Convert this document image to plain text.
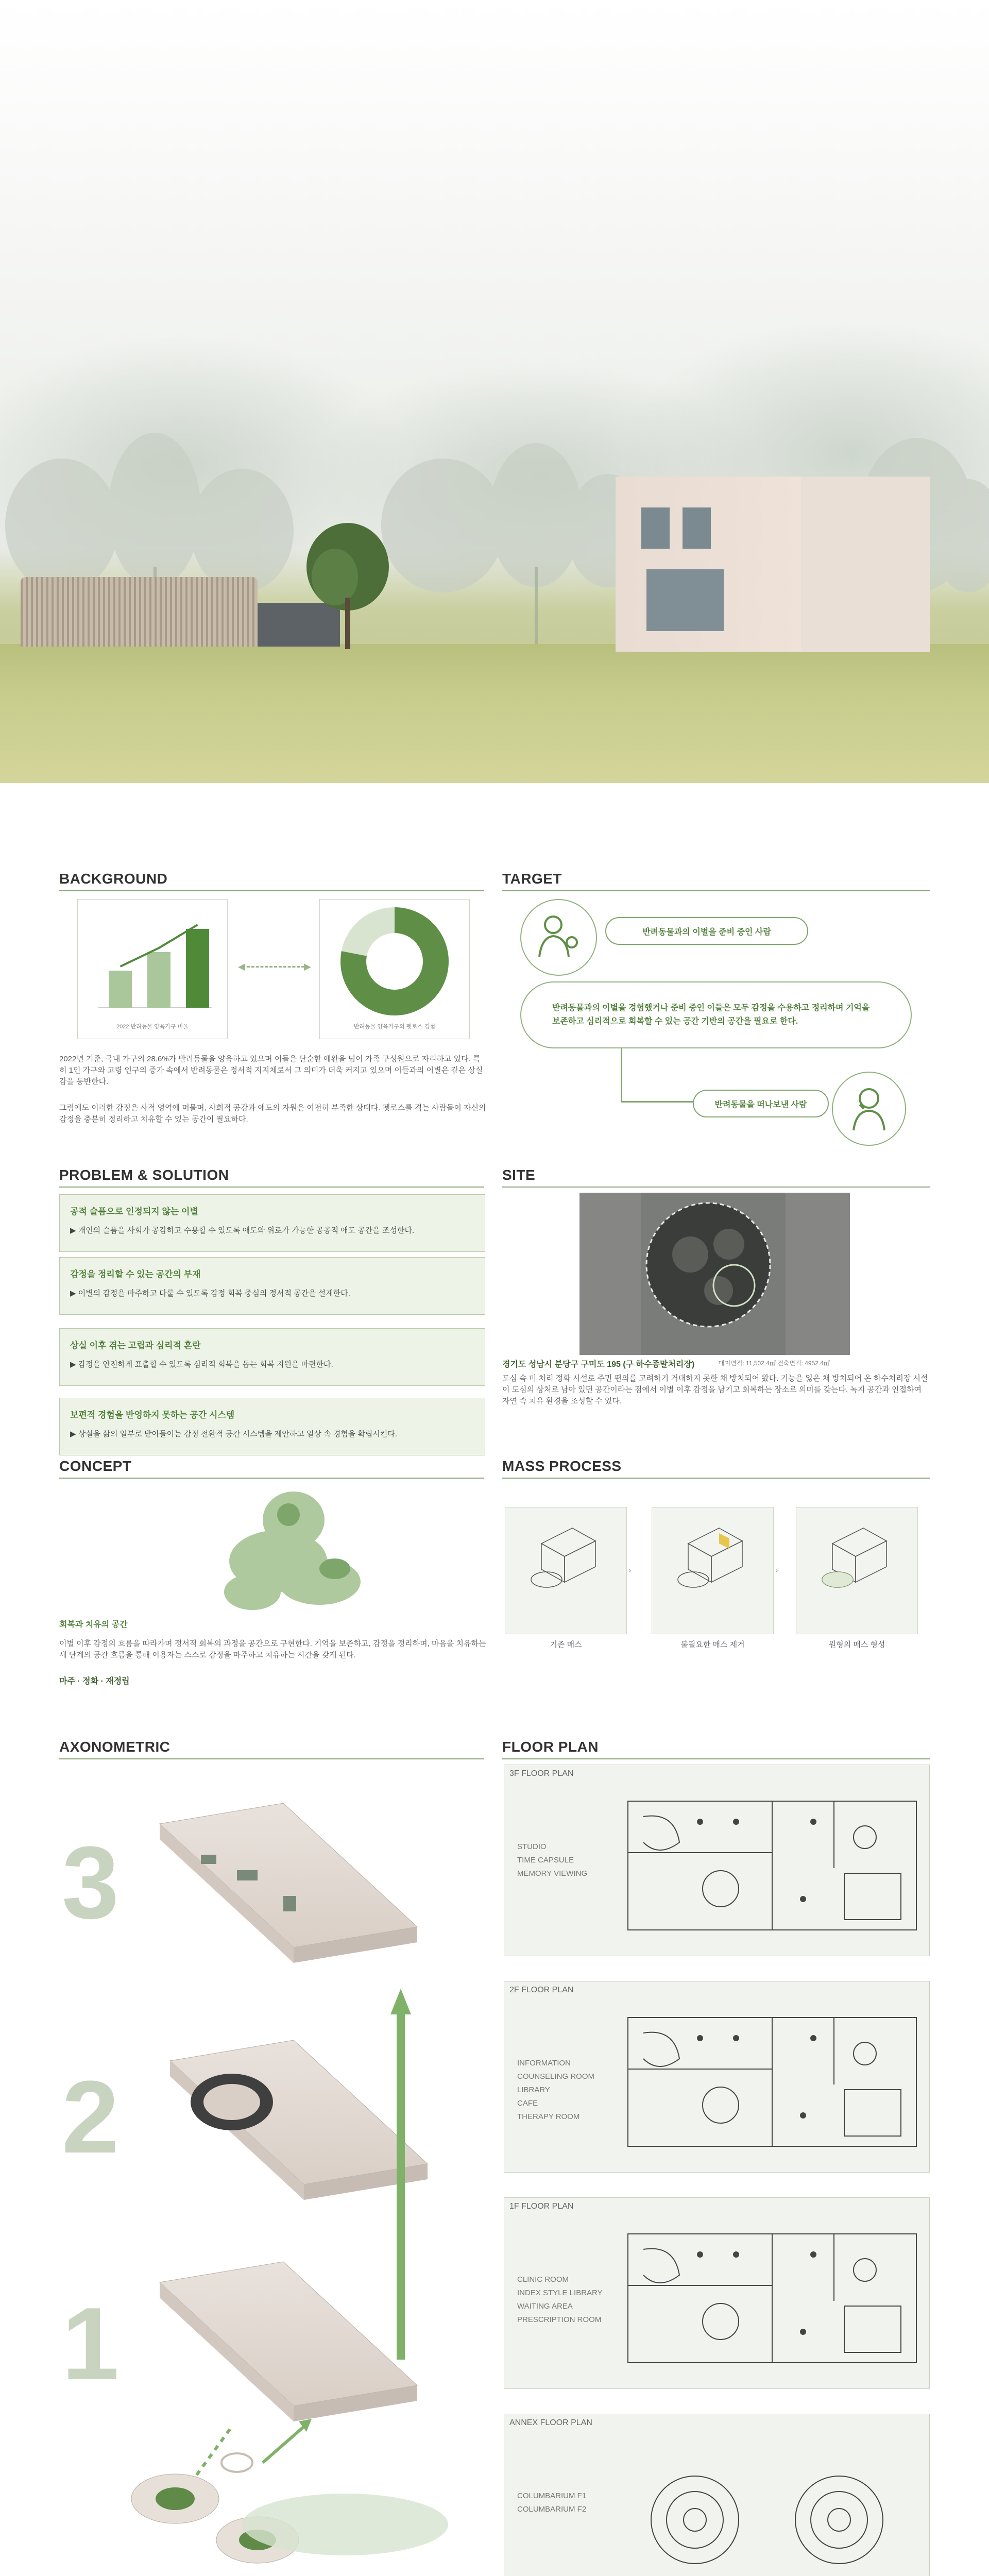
BACKGROUND
2022 반려동물 양육가구 비율
◀	▶
반려동물 양육가구의 펫로스 경험
2022년 기준, 국내 가구의 28.6%가 반려동물을 양육하고 있으며 이들은 단순한 애완을 넘어 가족 구성원으로 자리하고 있다. 특히 1인 가구와 고령 인구의 증가 속에서 반려동물은 정서적 지지체로서 그 의미가 더욱 커지고 있으며 이들과의 이별은 깊은 상실감을 동반한다.
그럼에도 이러한 감정은 사적 영역에 머물며, 사회적 공감과 애도의 자원은 여전히 부족한 상태다. 펫로스를 겪는 사람들이 자신의 감정을 충분히 정리하고 치유할 수 있는 공간이 필요하다.
TARGET
반려동물과의 이별을 준비 중인 사람
반려동물과의 이별을 경험했거나 준비 중인 이들은 모두 감정을 수용하고 정리하며 기억을 보존하고 심리적으로 회복할 수 있는 공간 기반의 공간을 필요로 한다.
반려동물을 떠나보낸 사람
PROBLEM & SOLUTION
공적 슬픔으로 인정되지 않는 이별
▶ 개인의 슬픔을 사회가 공감하고 수용할 수 있도록 애도와 위로가 가능한 공공적 애도 공간을 조성한다.
감정을 정리할 수 있는 공간의 부재
▶ 이별의 감정을 마주하고 다룰 수 있도록 감정 회복 중심의 정서적 공간을 설계한다.
상실 이후 겪는 고립과 심리적 혼란
▶ 감정을 안전하게 표출할 수 있도록 심리적 회복을 돕는 회복 지원을 마련한다.
보편적 경험을 반영하지 못하는 공간 시스템
▶ 상실을 삶의 일부로 받아들이는 감정 전환적 공간 시스템을 제안하고 일상 속 경험을 확립시킨다.
SITE
경기도 성남시 분당구 구미도 195 (구 하수종말처리장)	대지면적: 11,502.4㎡ 건축면적: 4952.4㎡
도심 속 미 처리 정화 시설로 주민 편의를 고려하기 거대하지 못한 채 방치되어 왔다. 기능을 잃은 채 방치되어 온 하수처리장 시설이 도심의 상처로 남아 있던 공간이라는 점에서 이별 이후 감정을 남기고 회복하는 장소로 의미를 갖는다. 녹지 공간과 인접하여 자연 속 치유 환경을 조성할 수 있다.
CONCEPT
회복과 치유의 공간
이별 이후 감정의 흐름을 따라가며 정서적 회복의 과정을 공간으로 구현한다. 기억을 보존하고, 감정을 정리하며, 마음을 치유하는 세 단계의 공간 흐름을 통해 이용자는 스스로 감정을 마주하고 치유하는 시간을 갖게 된다.
마주 · 정화 · 재정립
MASS PROCESS
기존 매스
›
불필요한 매스 제거
›
원형의 매스 형성
AXONOMETRIC
3
2
1
FLOOR PLAN
3F FLOOR PLAN
STUDIO
TIME CAPSULE
MEMORY VIEWING
2F FLOOR PLAN
INFORMATION
COUNSELING ROOM
LIBRARY
CAFE
THERAPY ROOM
1F FLOOR PLAN
CLINIC ROOM
INDEX STYLE LIBRARY
WAITING AREA
PRESCRIPTION ROOM
ANNEX FLOOR PLAN
COLUMBARIUM F1
COLUMBARIUM F2
